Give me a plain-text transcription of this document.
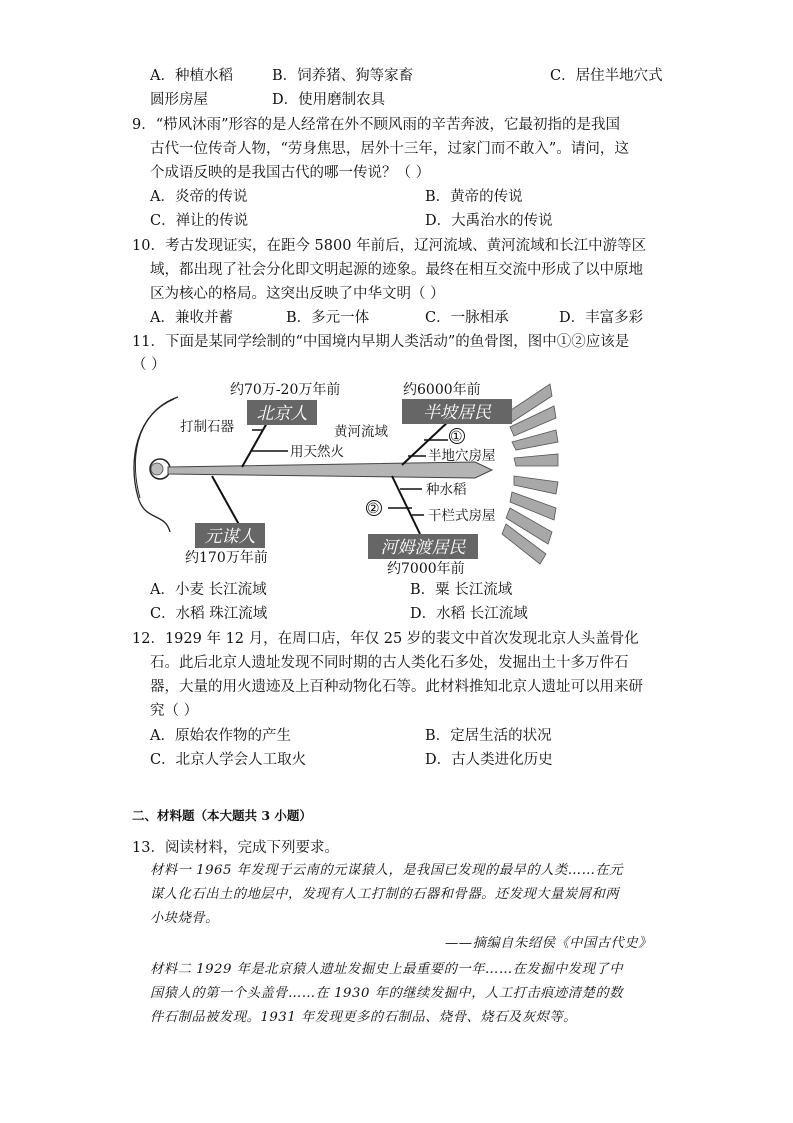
A．种植水稻	B．饲养猪、狗等家畜	C．居住半地穴式
圆形房屋	D．使用磨制农具
9．“栉风沐雨”形容的是人经常在外不顾风雨的辛苦奔波，它最初指的是我国
古代一位传奇人物，“劳身焦思，居外十三年，过家门而不敢入”。请问，这
个成语反映的是我国古代的哪一传说？（ ）
A．炎帝的传说	B．黄帝的传说
C．禅让的传说	D．大禹治水的传说
10．考古发现证实，在距今 5800 年前后，辽河流域、黄河流域和长江中游等区
域，都出现了社会分化即文明起源的迹象。最终在相互交流中形成了以中原地
区为核心的格局。这突出反映了中华文明（ ）
A．兼收并蓄	B．多元一体	C．一脉相承	D．丰富多彩
11．下面是某同学绘制的“中国境内早期人类活动”的鱼骨图，图中①②应该是
（ ）
北京人
约70万-20万年前
打制石器
用天然火
半坡居民
约6000年前
黄河流域	①
半地穴房屋
元谋人
约170万年前	河姆渡居民
约7000年前
种水稻
②	干栏式房屋
A．小麦 长江流域	B．粟 长江流域
C．水稻 珠江流域	D．水稻 长江流域
12．1929 年 12 月，在周口店，年仅 25 岁的裴文中首次发现北京人头盖骨化
石。此后北京人遗址发现不同时期的古人类化石多处，发掘出土十多万件石
器，大量的用火遗迹及上百种动物化石等。此材料推知北京人遗址可以用来研
究（ ）
A．原始农作物的产生	B．定居生活的状况
C．北京人学会人工取火	D．古人类进化历史
二、材料题（本大题共 3 小题）
13．阅读材料，完成下列要求。
材料一 1965 年发现于云南的元谋猿人，是我国已发现的最早的人类……在元
谋人化石出土的地层中，发现有人工打制的石器和骨器。还发现大量炭屑和两
小块烧骨。
——摘编自朱绍侯《中国古代史》
材料二 1929 年是北京猿人遗址发掘史上最重要的一年……在发掘中发现了中
国猿人的第一个头盖骨……在 1930 年的继续发掘中，人工打击痕迹清楚的数
件石制品被发现。1931 年发现更多的石制品、烧骨、烧石及灰烬等。
